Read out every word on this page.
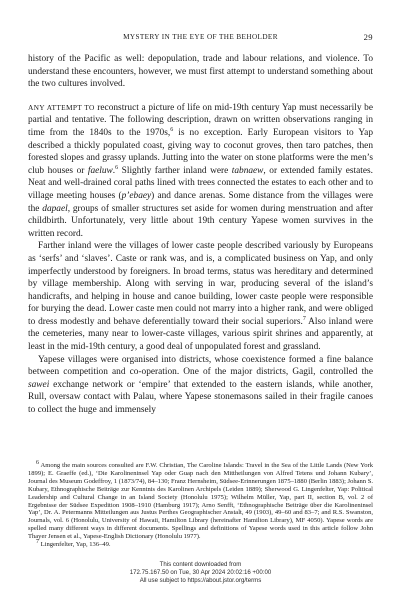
MYSTERY IN THE EYE OF THE BEHOLDER	29

history of the Pacific as well: depopulation, trade and labour relations, and violence. To understand these encounters, however, we must first attempt to understand something about the two cultures involved.

ANY ATTEMPT TO reconstruct a picture of life on mid-19th century Yap must necessarily be partial and tentative. The following description, drawn on written observations ranging in time from the 1840s to the 1970s,$^6$ is no exception. Early European visitors to Yap described a thickly populated coast, giving way to coconut groves, then taro patches, then forested slopes and grassy uplands. Jutting into the water on stone platforms were the men’s club houses or faeluw.$^6$ Slightly farther inland were tabnaew, or extended family estates. Neat and well-drained coral paths lined with trees connected the estates to each other and to village meeting houses (p’ebaey) and dance arenas. Some distance from the villages were the dapael, groups of smaller structures set aside for women during menstruation and after childbirth. Unfortunately, very little about 19th century Yapese women survives in the written record.

Farther inland were the villages of lower caste people described variously by Europeans as ‘serfs’ and ‘slaves’. Caste or rank was, and is, a complicated business on Yap, and only imperfectly understood by foreigners. In broad terms, status was hereditary and determined by village membership. Along with serving in war, producing several of the island’s handicrafts, and helping in house and canoe building, lower caste people were responsible for burying the dead. Lower caste men could not marry into a higher rank, and were obliged to dress modestly and behave deferentially toward their social superiors.$^7$ Also inland were the cemeteries, many near to lower-caste villages, various spirit shrines and apparently, at least in the mid-19th century, a good deal of unpopulated forest and grassland.

Yapese villages were organised into districts, whose coexistence formed a fine balance between competition and co-operation. One of the major districts, Gagil, controlled the sawei exchange network or ‘empire’ that extended to the eastern islands, while another, Rull, oversaw contact with Palau, where Yapese stonemasons sailed in their fragile canoes to collect the huge and immensely

$^6$ Among the main sources consulted are F.W. Christian, The Caroline Islands: Travel in the Sea of the Little Lands (New York 1899); E. Graeffe (ed.), ‘Die Karolineninsel Yap oder Guap nach den Mittheilungen von Alfred Tetens und Johann Kubary’, Journal des Museum Godeffroy, 1 (1873/74), 84–130; Franz Hernsheim, Südsee-Erinnerungen 1875–1880 (Berlin 1883); Johann S. Kubary, Ethnographische Beiträge zur Kenntnis des Karolinen Archipels (Leiden 1889); Sherwood G. Lingenfelter, Yap: Political Leadership and Cultural Change in an Island Society (Honolulu 1975); Wilhelm Müller, Yap, part II, section B, vol. 2 of Ergebnisse der Südsee Expedition 1908–1910 (Hamburg 1917); Arno Senfft, ‘Ethnographische Beiträge über die Karolineninsel Yap’, Dr. A. Petermanns Mitteilungen aus Justus Perthes Geographischer Anstalt, 49 (1903), 49–60 and 83–7; and R.S. Swanston, Journals, vol. 6 (Honolulu, University of Hawaii, Hamilton Library (hereinafter Hamilton Library), MF 4050). Yapese words are spelled many different ways in different documents. Spellings and definitions of Yapese words used in this article follow John Thayer Jensen et al., Yapese-English Dictionary (Honolulu 1977).

$^7$ Lingenfelter, Yap, 136–49.

This content downloaded from
172.75.167.50 on Tue, 30 Apr 2024 20:02:16 +00:00
All use subject to https://about.jstor.org/terms
